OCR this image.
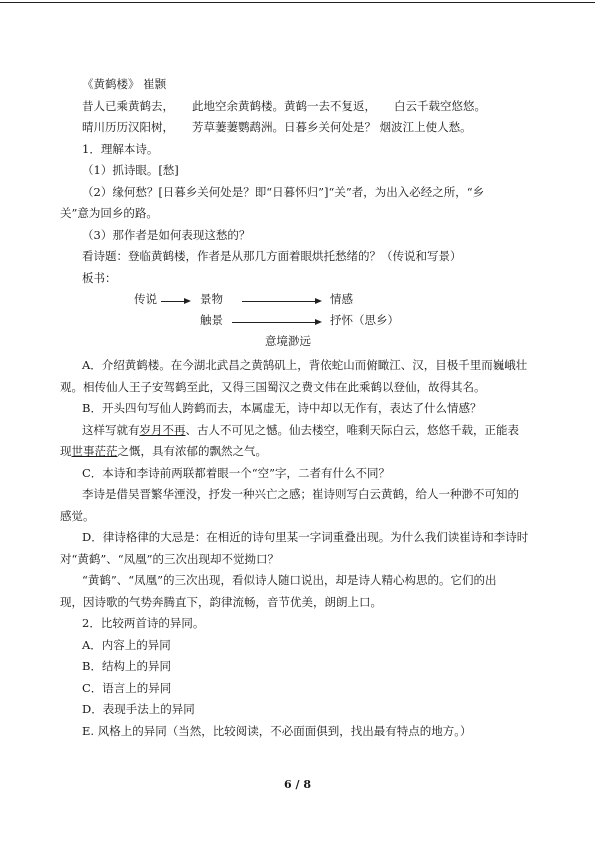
《黄鹤楼》 崔颢
昔人已乘黄鹤去， 此地空余黄鹤楼。黄鹤一去不复返， 白云千载空悠悠。
晴川历历汉阳树， 芳草萋萋鹦鹉洲。日暮乡关何处是？ 烟波江上使人愁。
1．理解本诗。
（1）抓诗眼。[愁]
（2）缘何愁？[日暮乡关何处是？即“日暮怀归”]“关”者，为出入必经之所，“乡
关”意为回乡的路。
（3）那作者是如何表现这愁的？
看诗题：登临黄鹤楼，作者是从那几方面着眼烘托愁绪的？（传说和写景）
板书：
传说	景物	情感
触景	抒怀（思乡）
意境渺远
A．介绍黄鹤楼。在今湖北武昌之黄鹄矶上，背依蛇山而俯瞰江、汉，目极千里而巍峨壮
观。相传仙人王子安驾鹤至此，又得三国蜀汉之费文伟在此乘鹤以登仙，故得其名。
B．开头四句写仙人跨鹤而去，本属虚无，诗中却以无作有，表达了什么情感？
这样写就有岁月不再、古人不可见之憾。仙去楼空，唯剩天际白云，悠悠千载，正能表
现世事茫茫之慨，具有浓郁的飘然之气。
C．本诗和李诗前两联都着眼一个“空”字，二者有什么不同？
李诗是借吴晋繁华湮没，抒发一种兴亡之感；崔诗则写白云黄鹤，给人一种渺不可知的
感觉。
D．律诗格律的大忌是：在相近的诗句里某一字词重叠出现。为什么我们读崔诗和李诗时
对“黄鹤”、“凤凰”的三次出现却不觉拗口？
“黄鹤”、“凤凰”的三次出现，看似诗人随口说出，却是诗人精心构思的。它们的出
现，因诗歌的气势奔腾直下，韵律流畅，音节优美，朗朗上口。
2．比较两首诗的异同。
A．内容上的异同
B．结构上的异同
C．语言上的异同
D．表现手法上的异同
E. 风格上的异同（当然，比较阅读，不必面面俱到，找出最有特点的地方。）
6 / 8
